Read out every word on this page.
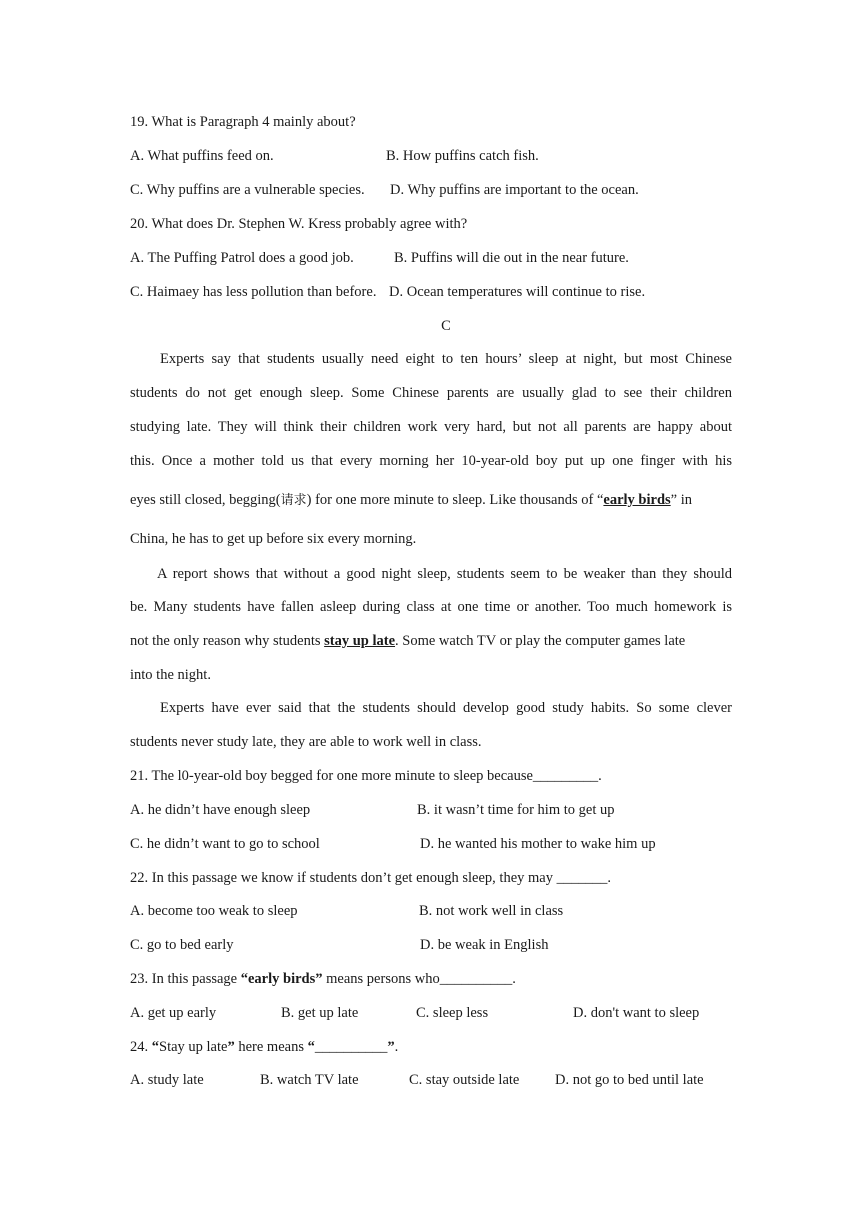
19. What is Paragraph 4 mainly about?
A. What puffins feed on.	B. How puffins catch fish.
C. Why puffins are a vulnerable species. D. Why puffins are important to the ocean.
20. What does Dr. Stephen W. Kress probably agree with?
A. The Puffing Patrol does a good job.	B. Puffins will die out in the near future.
C. Haimaey has less pollution than before. D. Ocean temperatures will continue to rise.
C
Experts say that students usually need eight to ten hours’ sleep at night, but most Chinese
students do not get enough sleep. Some Chinese parents are usually glad to see their children
studying late. They will think their children work very hard, but not all parents are happy about
this. Once a mother told us that every morning her 10-year-old boy put up one finger with his
eyes still closed, begging(请求) for one more minute to sleep. Like thousands of “early birds” in
China, he has to get up before six every morning.
A report shows that without a good night sleep, students seem to be weaker than they should
be. Many students have fallen asleep during class at one time or another. Too much homework is
not the only reason why students stay up late. Some watch TV or play the computer games late
into the night.
Experts have ever said that the students should develop good study habits. So some clever
students never study late, they are able to work well in class.
21. The l0-year-old boy begged for one more minute to sleep because_________.
A. he didn’t have enough sleep	B. it wasn’t time for him to get up
C. he didn’t want to go to school	D. he wanted his mother to wake him up
22. In this passage we know if students don’t get enough sleep, they may _______.
A. become too weak to sleep	B. not work well in class
C. go to bed early	D. be weak in English
23. In this passage “early birds” means persons who__________.
A. get up early	B. get up late	C. sleep less	D. don't want to sleep
24. “Stay up late” here means “__________”.
A. study late	B. watch TV late	C. stay outside late D. not go to bed until late
